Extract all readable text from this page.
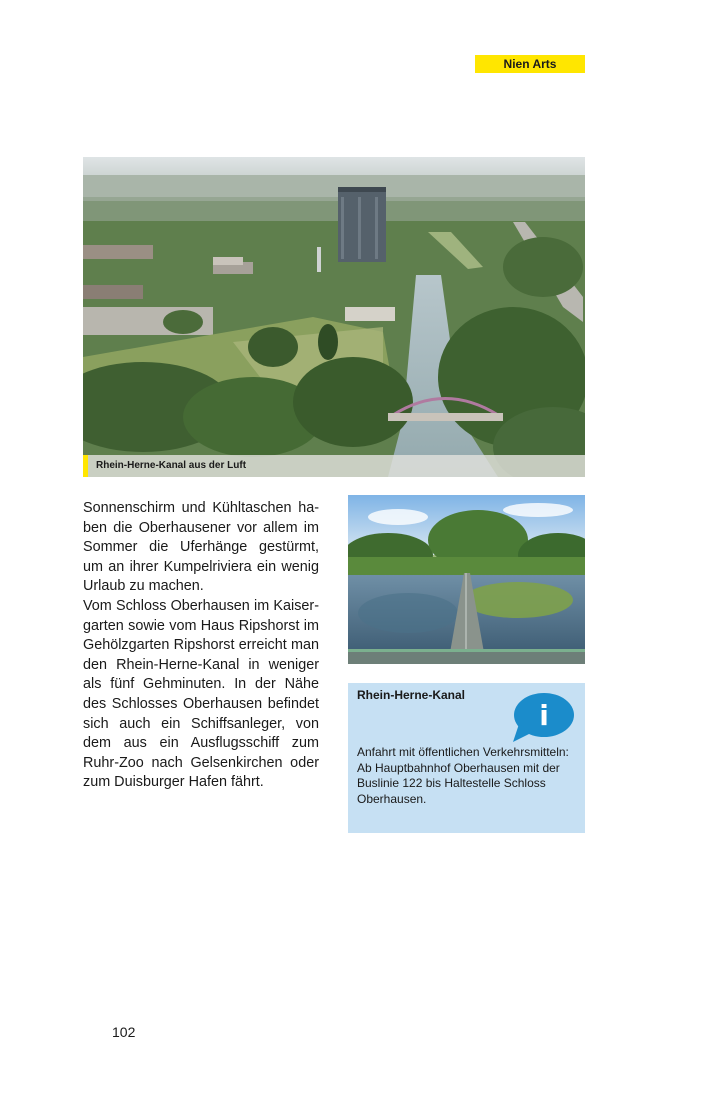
Nien Arts
Rhein-Herne-Kanal aus der Luft

Sonnenschirm und Kühltaschen haben die Oberhausener vor allem im Sommer die Uferhänge gestürmt, um an ihrer Kumpelriviera ein wenig Urlaub zu machen.

Vom Schloss Oberhausen im Kaisergarten sowie vom Haus Ripshorst im Gehölzgarten Ripshorst erreicht man den Rhein-Herne-Kanal in weniger als fünf Gehminuten. In der Nähe des Schlosses Oberhausen befindet sich auch ein Schiffsanleger, von dem aus ein Ausflugsschiff zum Ruhr-Zoo nach Gelsenkirchen oder zum Duisburger Hafen fährt.

Rhein-Herne-Kanal
i
Anfahrt mit öffentlichen Verkehrsmitteln: Ab Hauptbahnhof Oberhausen mit der Buslinie 122 bis Haltestelle Schloss Oberhausen.
102
